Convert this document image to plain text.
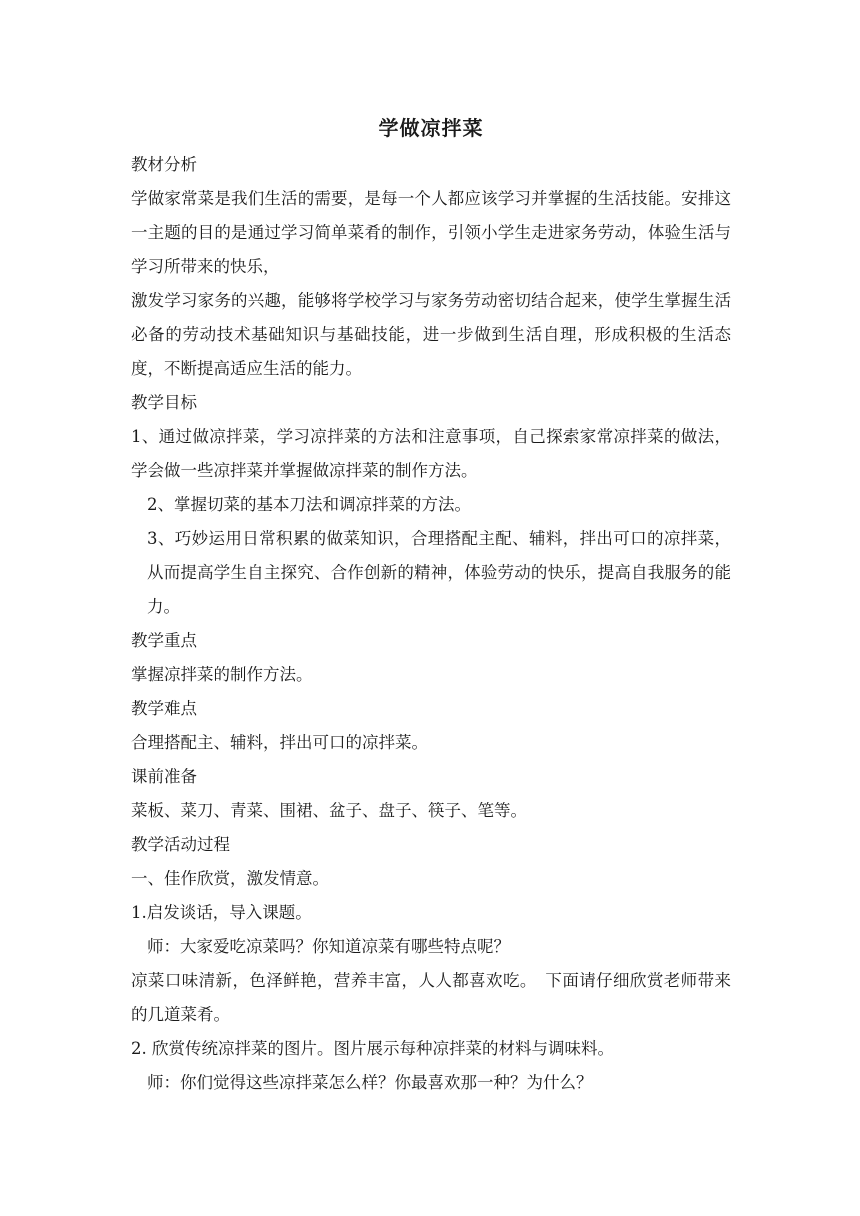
学做凉拌菜

教材分析

学做家常菜是我们生活的需要，是每一个人都应该学习并掌握的生活技能。安排这一主题的目的是通过学习简单菜肴的制作，引领小学生走进家务劳动，体验生活与学习所带来的快乐，

激发学习家务的兴趣，能够将学校学习与家务劳动密切结合起来，使学生掌握生活必备的劳动技术基础知识与基础技能，进一步做到生活自理，形成积极的生活态度，不断提高适应生活的能力。

教学目标

1、通过做凉拌菜，学习凉拌菜的方法和注意事项，自己探索家常凉拌菜的做法，学会做一些凉拌菜并掌握做凉拌菜的制作方法。

2、掌握切菜的基本刀法和调凉拌菜的方法。

3、巧妙运用日常积累的做菜知识，合理搭配主配、辅料，拌出可口的凉拌菜，从而提高学生自主探究、合作创新的精神，体验劳动的快乐，提高自我服务的能力。

教学重点

掌握凉拌菜的制作方法。

教学难点

合理搭配主、辅料，拌出可口的凉拌菜。

课前准备

菜板、菜刀、青菜、围裙、盆子、盘子、筷子、笔等。

教学活动过程

一、佳作欣赏，激发情意。

1.启发谈话，导入课题。

师：大家爱吃凉菜吗？你知道凉菜有哪些特点呢？

凉菜口味清新，色泽鲜艳，营养丰富，人人都喜欢吃。　下面请仔细欣赏老师带来的几道菜肴。

2. 欣赏传统凉拌菜的图片。图片展示每种凉拌菜的材料与调味料。

师：你们觉得这些凉拌菜怎么样？你最喜欢那一种？为什么？
